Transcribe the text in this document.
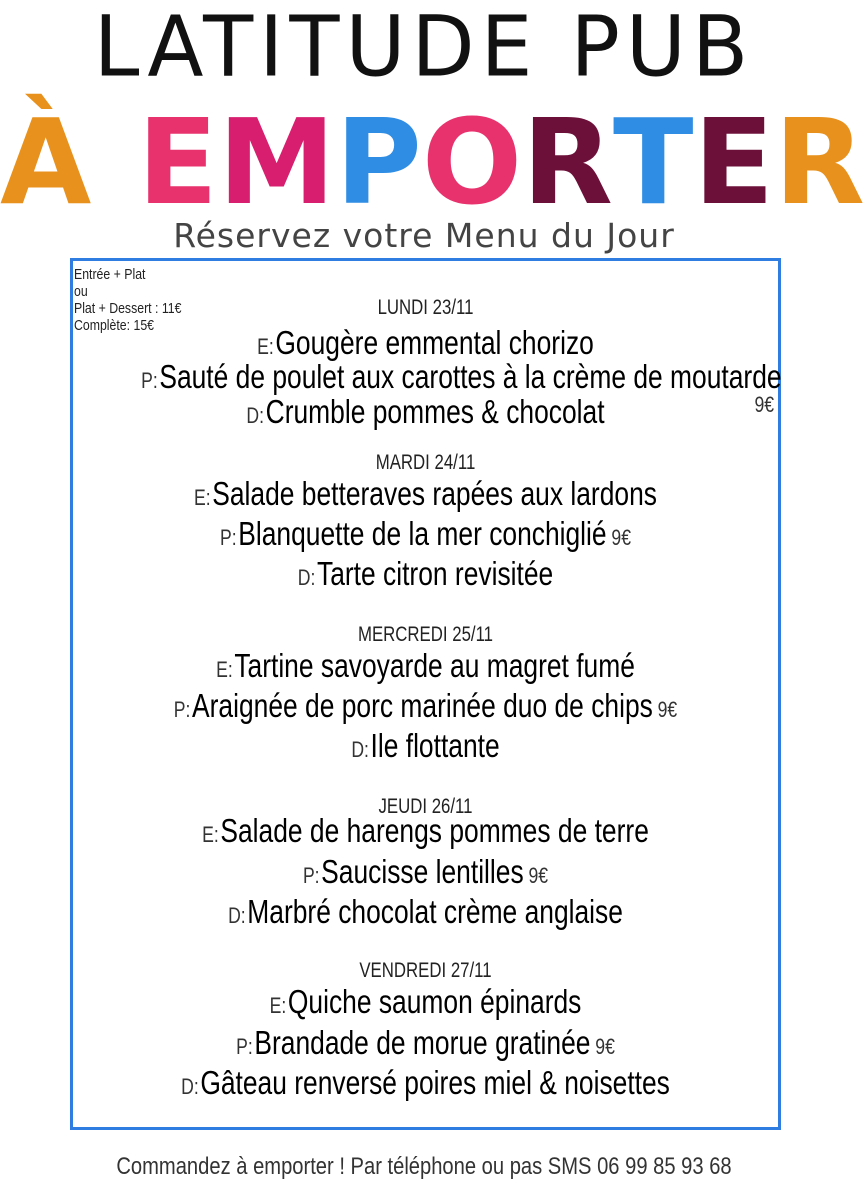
LATITUDE PUB
À EMPORTER
Réservez votre Menu du Jour
Entrée + Plat
ou
Plat + Dessert : 11€
Complète: 15€
LUNDI 23/11
E:Gougère emmental chorizo
P:Sauté de poulet aux carottes à la crème de moutarde
9€
D:Crumble pommes & chocolat
MARDI 24/11
E:Salade betteraves rapées aux lardons
P:Blanquette de la mer conchiglié 9€
D:Tarte citron revisitée
MERCREDI 25/11
E:Tartine savoyarde au magret fumé
P:Araignée de porc marinée duo de chips 9€
D:Ile flottante
JEUDI 26/11
E:Salade de harengs pommes de terre
P:Saucisse lentilles 9€
D:Marbré chocolat crème anglaise
VENDREDI 27/11
E:Quiche saumon épinards
P:Brandade de morue gratinée 9€
D:Gâteau renversé poires miel & noisettes
Commandez à emporter ! Par téléphone ou pas SMS 06 99 85 93 68
